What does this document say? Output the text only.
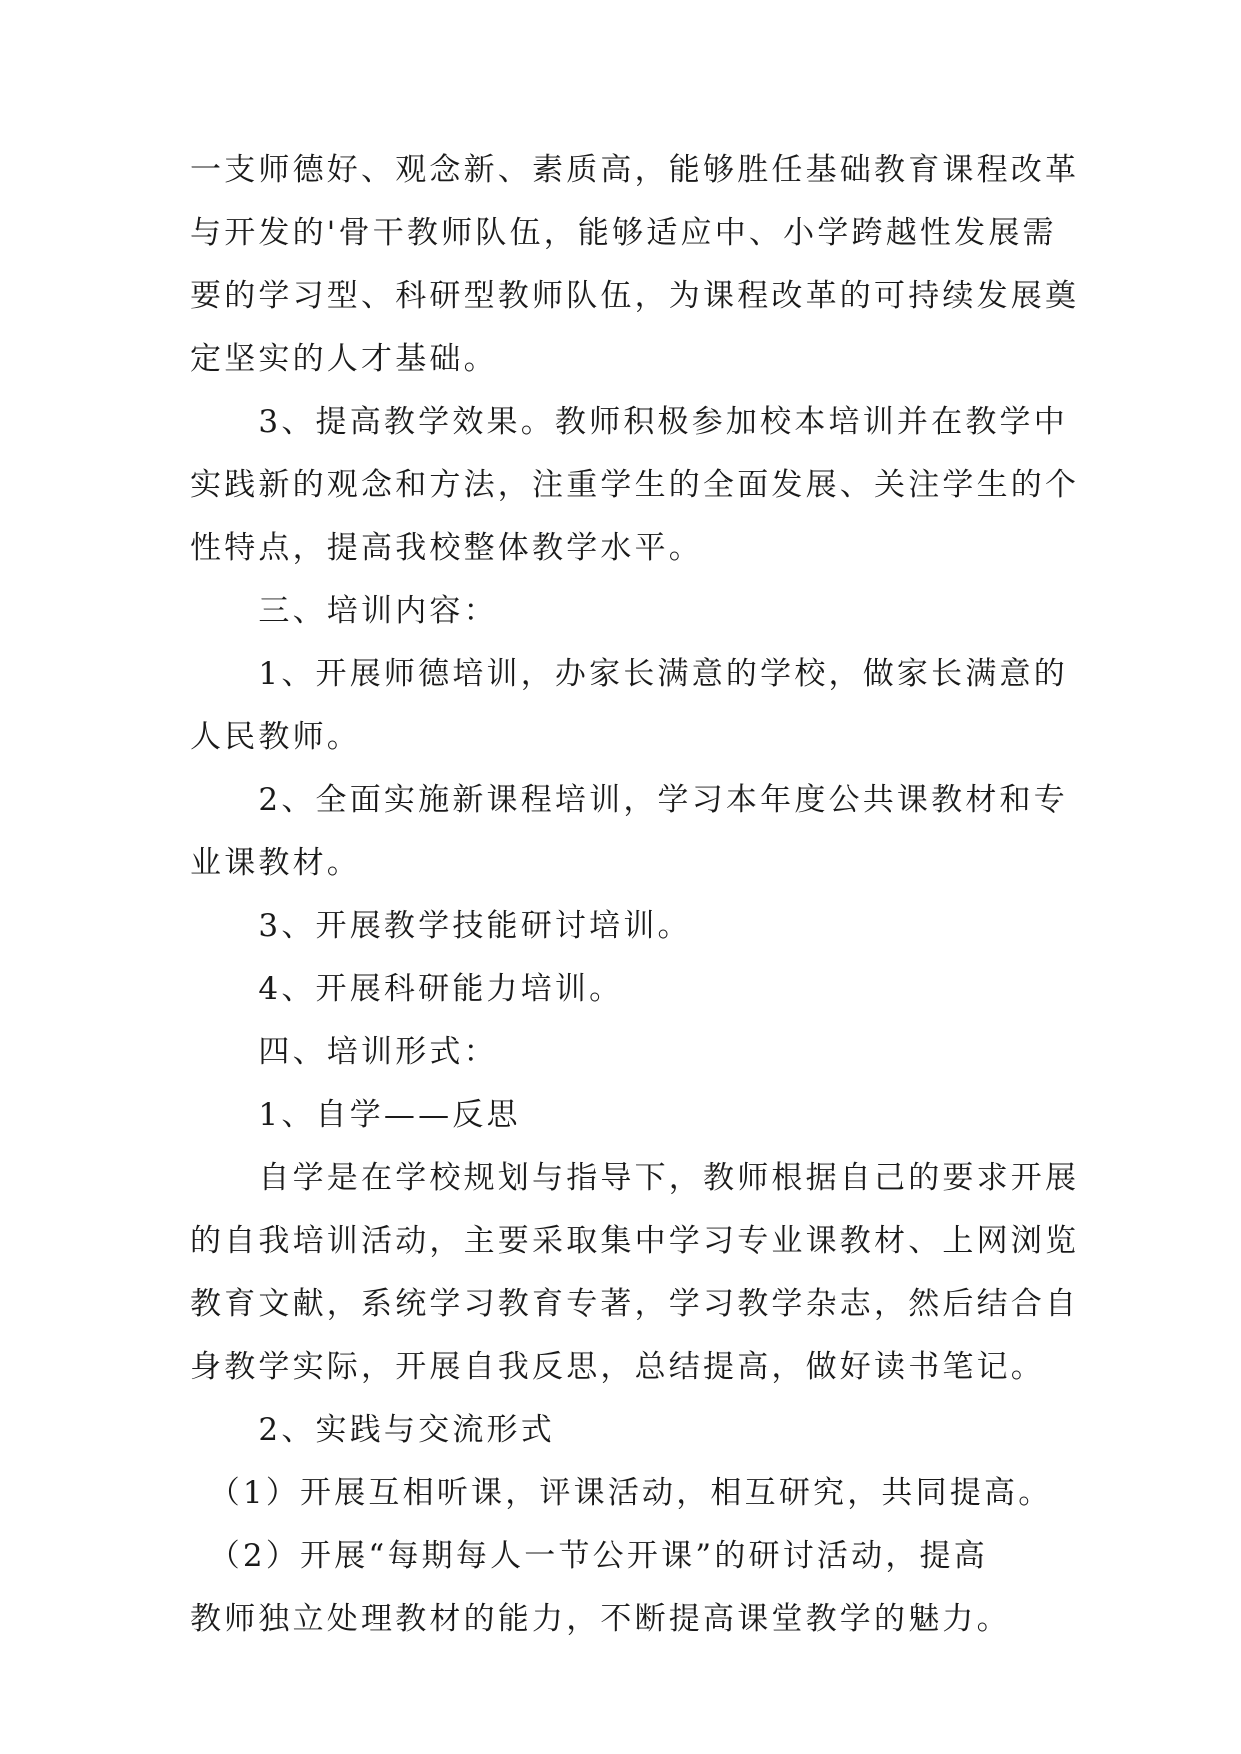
一支师德好、观念新、素质高，能够胜任基础教育课程改革
与开发的'骨干教师队伍，能够适应中、小学跨越性发展需
要的学习型、科研型教师队伍，为课程改革的可持续发展奠
定坚实的人才基础。
　　3、提高教学效果。教师积极参加校本培训并在教学中
实践新的观念和方法，注重学生的全面发展、关注学生的个
性特点，提高我校整体教学水平。
　　三、培训内容：
　　1、开展师德培训，办家长满意的学校，做家长满意的
人民教师。
　　2、全面实施新课程培训，学习本年度公共课教材和专
业课教材。
　　3、开展教学技能研讨培训。
　　4、开展科研能力培训。
　　四、培训形式：
　　1、自学——反思
　　自学是在学校规划与指导下，教师根据自己的要求开展
的自我培训活动，主要采取集中学习专业课教材、上网浏览
教育文献，系统学习教育专著，学习教学杂志，然后结合自
身教学实际，开展自我反思，总结提高，做好读书笔记。
　　2、实践与交流形式
　（1）开展互相听课，评课活动，相互研究，共同提高。
　（2）开展“每期每人一节公开课”的研讨活动，提高
教师独立处理教材的能力，不断提高课堂教学的魅力。
